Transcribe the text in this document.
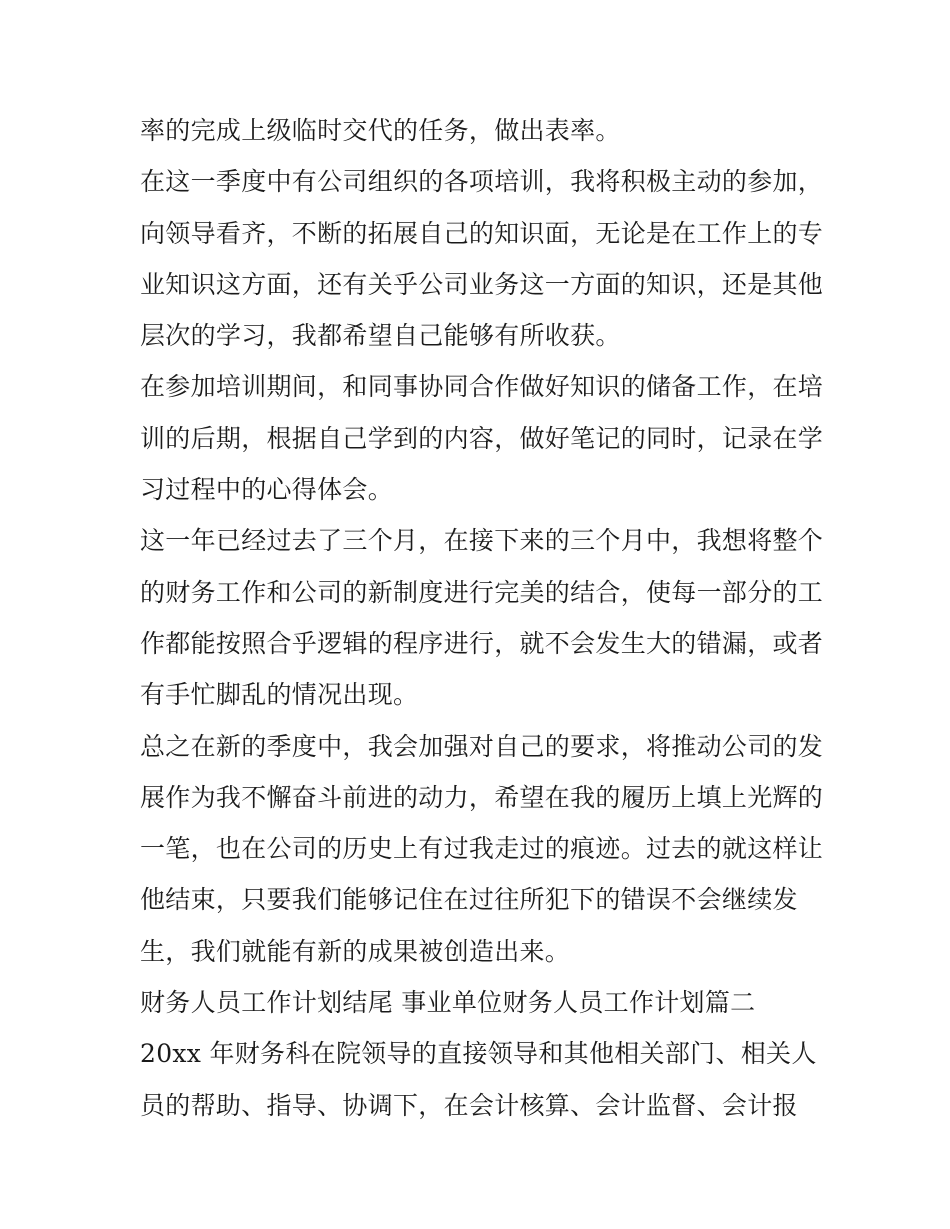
率的完成上级临时交代的任务，做出表率。
在这一季度中有公司组织的各项培训，我将积极主动的参加，
向领导看齐，不断的拓展自己的知识面，无论是在工作上的专
业知识这方面，还有关乎公司业务这一方面的知识，还是其他
层次的学习，我都希望自己能够有所收获。
在参加培训期间，和同事协同合作做好知识的储备工作，在培
训的后期，根据自己学到的内容，做好笔记的同时，记录在学
习过程中的心得体会。
这一年已经过去了三个月，在接下来的三个月中，我想将整个
的财务工作和公司的新制度进行完美的结合，使每一部分的工
作都能按照合乎逻辑的程序进行，就不会发生大的错漏，或者
有手忙脚乱的情况出现。
总之在新的季度中，我会加强对自己的要求，将推动公司的发
展作为我不懈奋斗前进的动力，希望在我的履历上填上光辉的
一笔，也在公司的历史上有过我走过的痕迹。过去的就这样让
他结束，只要我们能够记住在过往所犯下的错误不会继续发
生，我们就能有新的成果被创造出来。
财务人员工作计划结尾 事业单位财务人员工作计划篇二
20xx 年财务科在院领导的直接领导和其他相关部门、相关人
员的帮助、指导、协调下，在会计核算、会计监督、会计报
